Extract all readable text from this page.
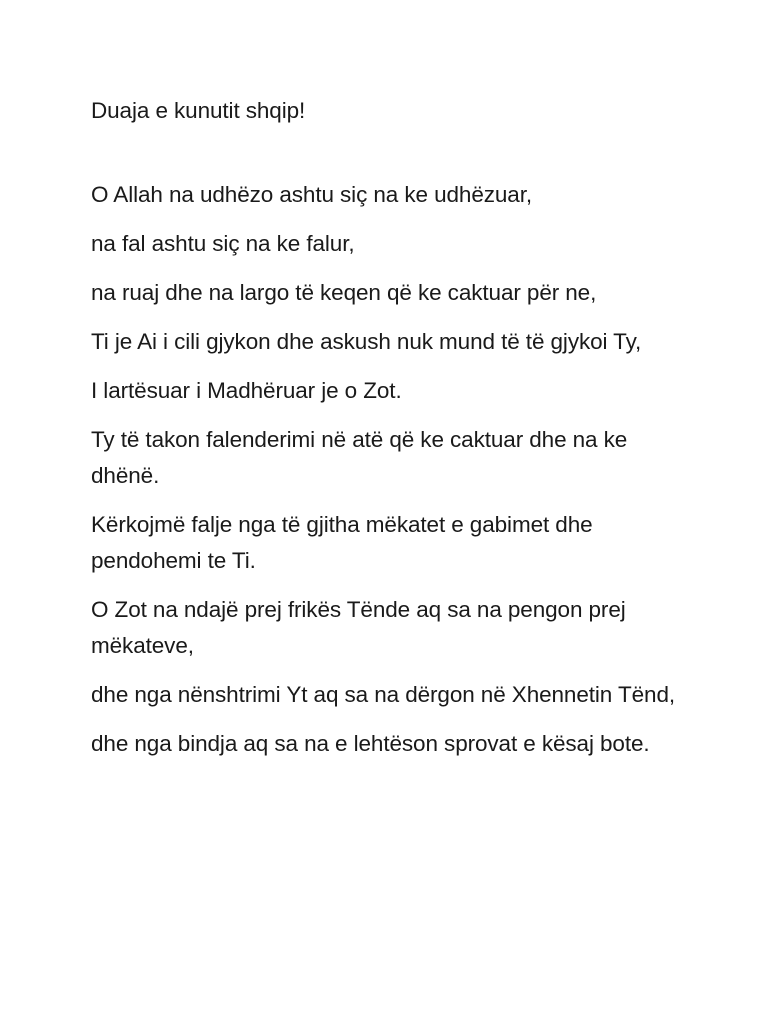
Duaja e kunutit shqip!

O Allah na udhëzo ashtu siç na ke udhëzuar,

na fal ashtu siç na ke falur,

na ruaj dhe na largo të keqen që ke caktuar për ne,

Ti je Ai i cili gjykon dhe askush nuk mund të të gjykoi Ty,

I lartësuar i Madhëruar je o Zot.

Ty të takon falenderimi në atë që ke caktuar dhe na ke dhënë.

Kërkojmë falje nga të gjitha mëkatet e gabimet dhe pendohemi te Ti.

O Zot na ndajë prej frikës Tënde aq sa na pengon prej mëkateve,

dhe nga nënshtrimi Yt aq sa na dërgon në Xhennetin Tënd,

dhe nga bindja aq sa na e lehtëson sprovat e kësaj bote.
